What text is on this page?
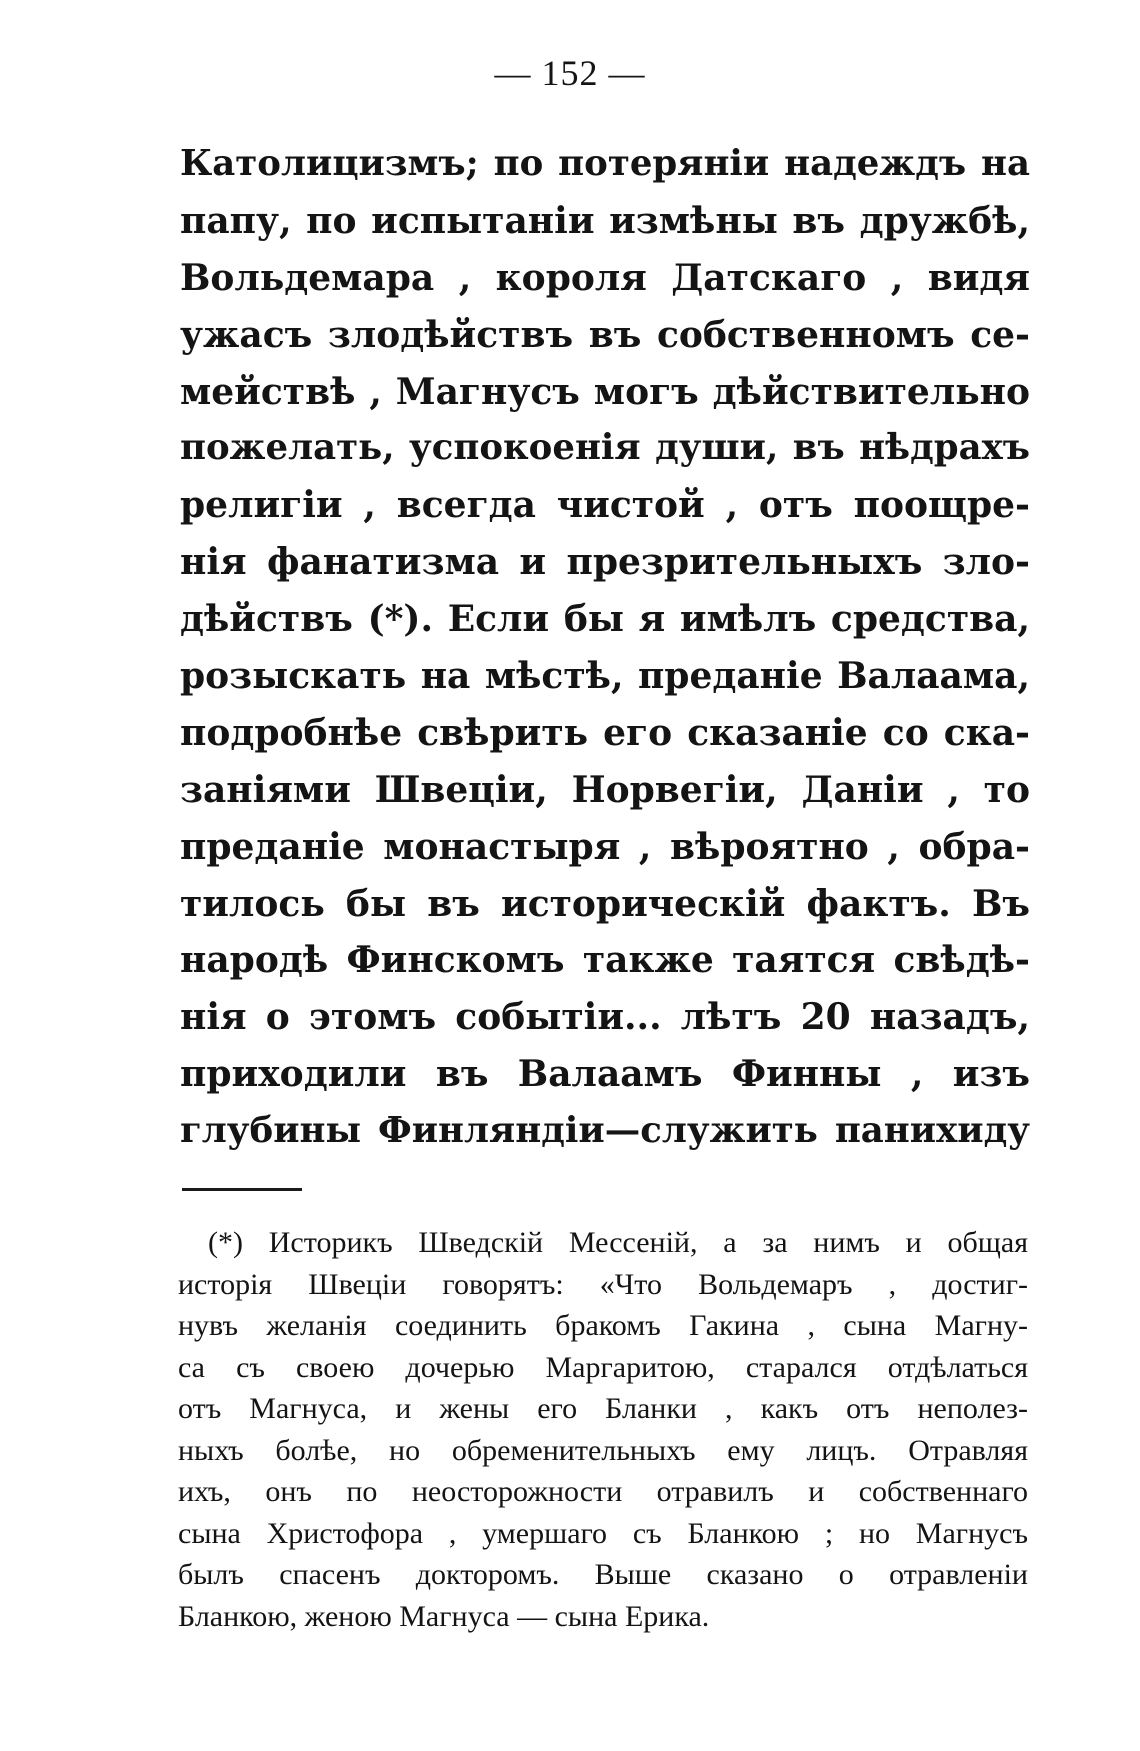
— 152 —
Католицизмъ; по потеряніи надеждъ на
папу, по испытаніи измѣны въ дружбѣ,
Вольдемара , короля Датскаго , видя
ужасъ злодѣйствъ въ собственномъ се-
мействѣ , Магнусъ могъ дѣйствительно
пожелать, успокоенія души, въ нѣдрахъ
религіи , всегда чистой , отъ поощре-
нія фанатизма и презрительныхъ зло-
дѣйствъ (*). Если бы я имѣлъ средства,
розыскать на мѣстѣ, преданіе Валаама,
подробнѣе свѣрить его сказаніе со ска-
заніями Швеціи, Норвегіи, Даніи , то
преданіе монастыря , вѣроятно , обра-
тилось бы въ историческій фактъ. Въ
народѣ Финскомъ также таятся свѣдѣ-
нія о этомъ событіи... лѣтъ 20 назадъ,
приходили въ Валаамъ Финны , изъ
глубины Финляндіи—служить панихиду
(*) Историкъ Шведскій Мессеній, а за нимъ и общая
исторія Швеціи говорятъ: «Что Вольдемаръ , достиг-
нувъ желанія соединить бракомъ Гакина , сына Магну-
са съ своею дочерью Маргаритою, старался отдѣлаться
отъ Магнуса, и жены его Бланки , какъ отъ неполез-
ныхъ болѣе, но обременительныхъ ему лицъ. Отравляя
ихъ, онъ по неосторожности отравилъ и собственнаго
сына Христофора , умершаго съ Бланкою ; но Магнусъ
былъ спасенъ докторомъ. Выше сказано о отравленіи
Бланкою, женою Магнуса — сына Ерика.
